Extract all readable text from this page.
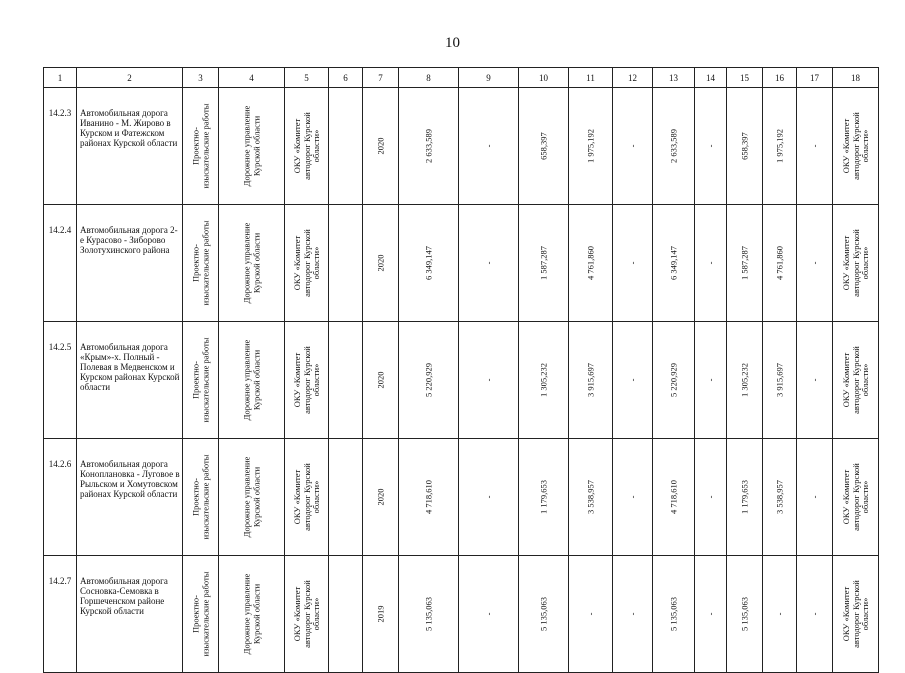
10
1	2	3	4	5	6	7	8	9	10	11	12	13	14	15	16	17	18
14.2.3	Автомобильная дорога Иванино - М. Жирово в Курском и Фатежском районах Курской области	Проектно-изыскательские работы	Дорожное управление Курской области	ОКУ «Комитет автодорог Курской области»		2020	2 633,589	-	658,397	1 975,192	-	2 633,589	-	658,397	1 975,192	-	ОКУ «Комитет автодорог Курской области»

14.2.4	Автомобильная дорога 2-е Курасово - Зиборово Золотухинского района	Проектно-изыскательские работы	Дорожное управление Курской области	ОКУ «Комитет автодорог Курской области»		2020	6 349,147	-	1 587,287	4 761,860	-	6 349,147	-	1 587,287	4 761,860	-	ОКУ «Комитет автодорог Курской области»

14.2.5	Автомобильная дорога «Крым»-х. Полный - Полевая в Медвенском и Курском районах Курской области	Проектно-изыскательские работы	Дорожное управление Курской области	ОКУ «Комитет автодорог Курской области»		2020	5 220,929	-	1 305,232	3 915,697	-	5 220,929	-	1 305,232	3 915,697	-	ОКУ «Комитет автодорог Курской области»

14.2.6	Автомобильная дорога Коноплановка - Луговое в Рыльском и Хомутовском районах Курской области	Проектно-изыскательские работы	Дорожное управление Курской области	ОКУ «Комитет автодорог Курской области»		2020	4 718,610	-	1 179,653	3 538,957	-	4 718,610	-	1 179,653	3 538,957	-	ОКУ «Комитет автодорог Курской области»

14.2.7	Автомобильная дорога Сосновка-Семовка в Горшеченском районе Курской области	Проектно-изыскательские работы	Дорожное управление Курской области	ОКУ «Комитет автодорог Курской области»		2019	5 135,063	-	5 135,063	-	-	5 135,063	-	5 135,063	-	-	ОКУ «Комитет автодорог Курской области»
